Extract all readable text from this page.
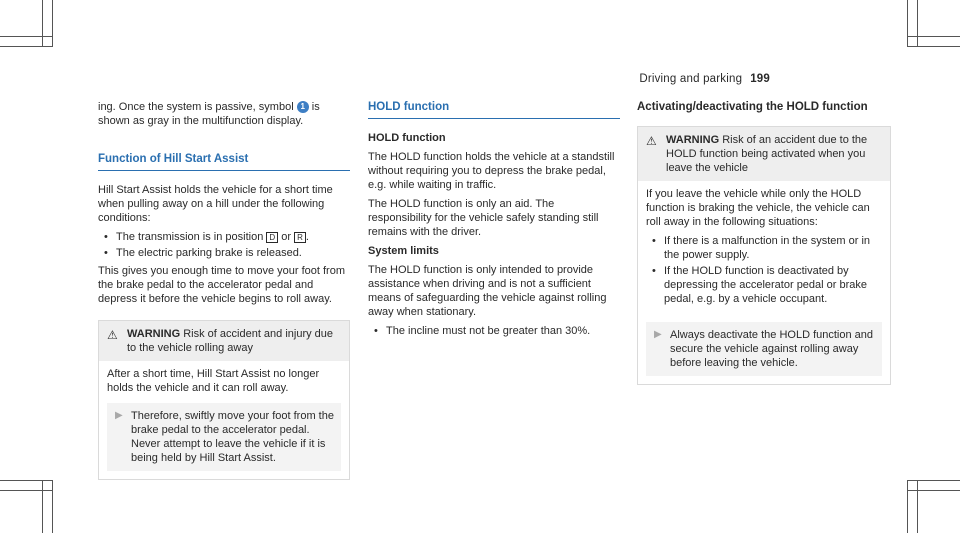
Driving and parking 199

ing. Once the system is passive, symbol 1 is shown as gray in the multifunction display.

Function of Hill Start Assist

Hill Start Assist holds the vehicle for a short time when pulling away on a hill under the following conditions:

• The transmission is in position D or R .
• The electric parking brake is released.

This gives you enough time to move your foot from the brake pedal to the accelerator pedal and depress it before the vehicle begins to roll away.

⚠ WARNING Risk of accident and injury due to the vehicle rolling away
After a short time, Hill Start Assist no longer holds the vehicle and it can roll away.
▶ Therefore, swiftly move your foot from the brake pedal to the accelerator pedal. Never attempt to leave the vehicle if it is being held by Hill Start Assist.
HOLD function

HOLD function

The HOLD function holds the vehicle at a standstill without requiring you to depress the brake pedal, e.g. while waiting in traffic.

The HOLD function is only an aid. The responsibility for the vehicle safely standing still remains with the driver.

System limits

The HOLD function is only intended to provide assistance when driving and is not a sufficient means of safeguarding the vehicle against rolling away when stationary.

• The incline must not be greater than 30%.
Activating/deactivating the HOLD function
⚠ WARNING Risk of an accident due to the HOLD function being activated when you leave the vehicle

If you leave the vehicle while only the HOLD function is braking the vehicle, the vehicle can roll away in the following situations:

• If there is a malfunction in the system or in the power supply.
• If the HOLD function is deactivated by depressing the accelerator pedal or brake pedal, e.g. by a vehicle occupant.
▶ Always deactivate the HOLD function and secure the vehicle against rolling away before leaving the vehicle.
